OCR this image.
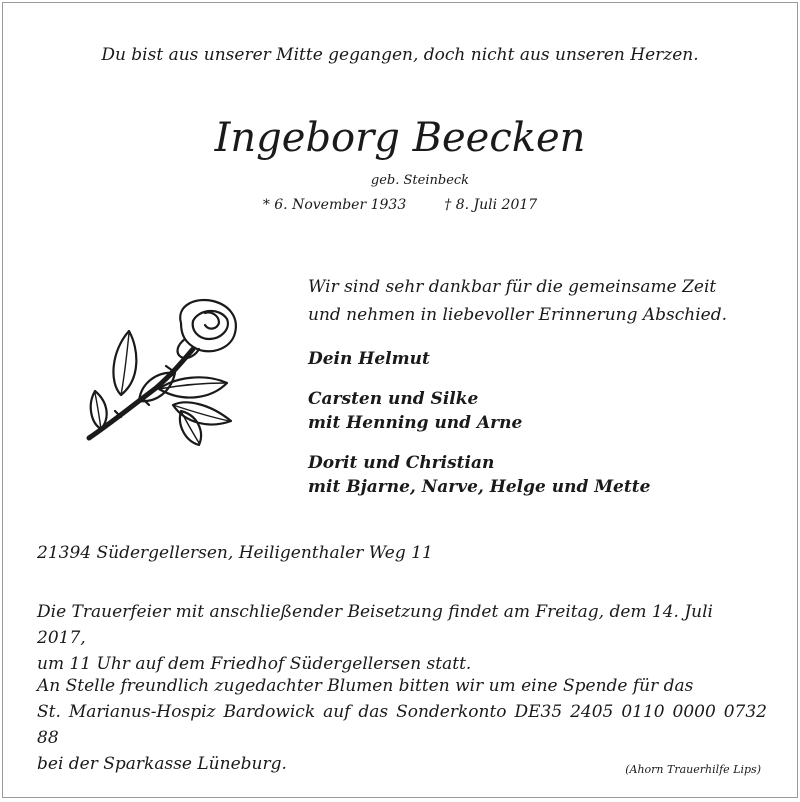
Du bist aus unserer Mitte gegangen, doch nicht aus unseren Herzen.
Ingeborg Beecken
geb. Steinbeck
* 6. November 1933	† 8. Juli 2017
Wir sind sehr dankbar für die gemeinsame Zeit
und nehmen in liebevoller Erinnerung Abschied.
Dein Helmut
Carsten und Silke
mit Henning und Arne
Dorit und Christian
mit Bjarne, Narve, Helge und Mette
21394 Südergellersen, Heiligenthaler Weg 11
Die Trauerfeier mit anschließender Beisetzung findet am Freitag, dem 14. Juli 2017,
um 11 Uhr auf dem Friedhof Südergellersen statt.
An Stelle freundlich zugedachter Blumen bitten wir um eine Spende für das
St. Marianus-Hospiz Bardowick auf das Sonderkonto DE35 2405 0110 0000 0732 88
bei der Sparkasse Lüneburg.	(Ahorn Trauerhilfe Lips)
